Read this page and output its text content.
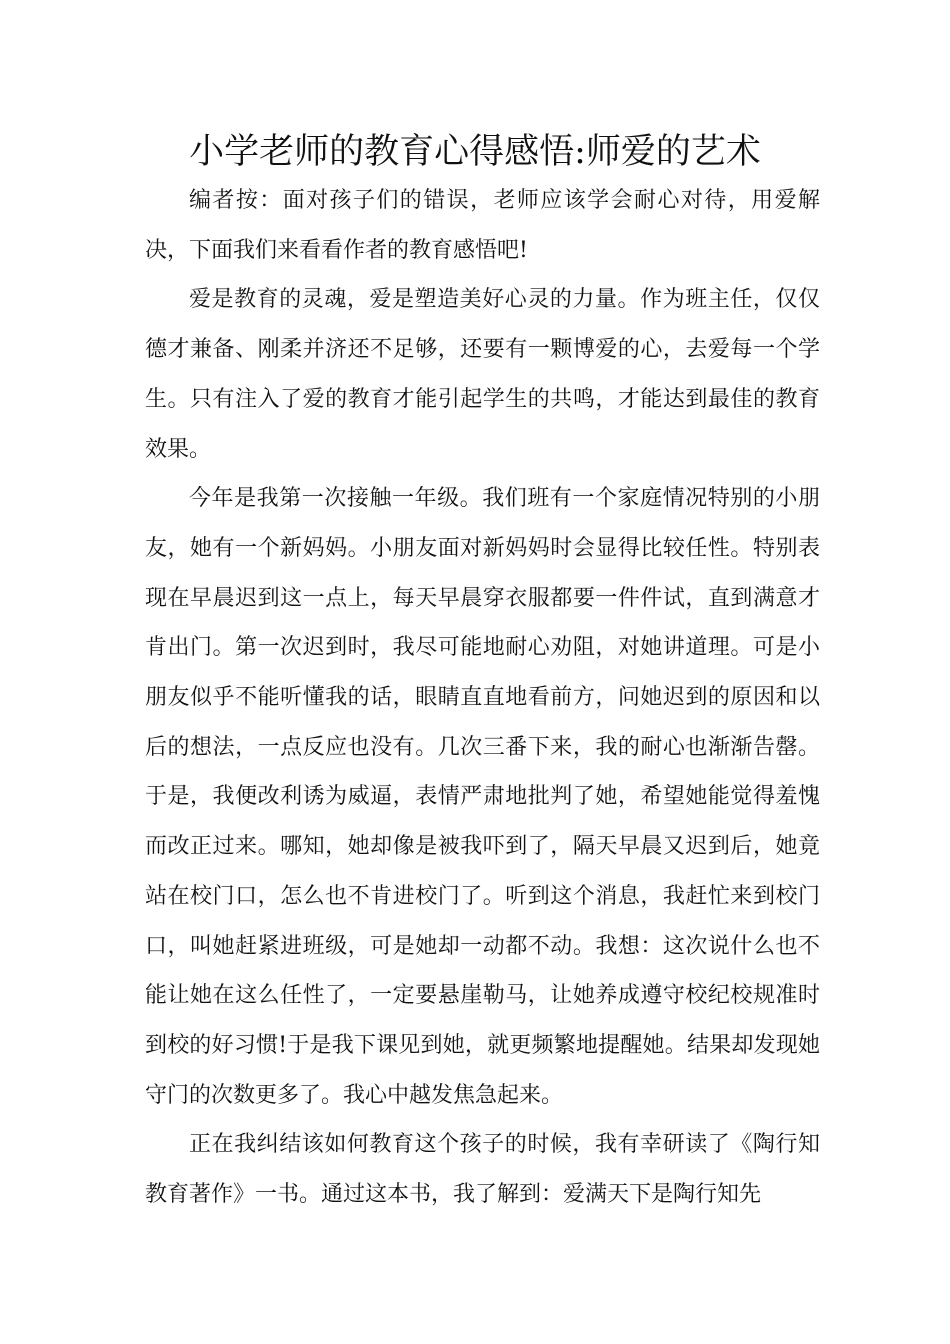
小学老师的教育心得感悟:师爱的艺术

编者按：面对孩子们的错误，老师应该学会耐心对待，用爱解决，下面我们来看看作者的教育感悟吧!

爱是教育的灵魂，爱是塑造美好心灵的力量。作为班主任，仅仅德才兼备、刚柔并济还不足够，还要有一颗博爱的心，去爱每一个学生。只有注入了爱的教育才能引起学生的共鸣，才能达到最佳的教育效果。

今年是我第一次接触一年级。我们班有一个家庭情况特别的小朋友，她有一个新妈妈。小朋友面对新妈妈时会显得比较任性。特别表现在早晨迟到这一点上，每天早晨穿衣服都要一件件试，直到满意才肯出门。第一次迟到时，我尽可能地耐心劝阻，对她讲道理。可是小朋友似乎不能听懂我的话，眼睛直直地看前方，问她迟到的原因和以后的想法，一点反应也没有。几次三番下来，我的耐心也渐渐告罄。于是，我便改利诱为威逼，表情严肃地批判了她，希望她能觉得羞愧而改正过来。哪知，她却像是被我吓到了，隔天早晨又迟到后，她竟站在校门口，怎么也不肯进校门了。听到这个消息，我赶忙来到校门口，叫她赶紧进班级，可是她却一动都不动。我想：这次说什么也不能让她在这么任性了，一定要悬崖勒马，让她养成遵守校纪校规准时到校的好习惯!于是我下课见到她，就更频繁地提醒她。结果却发现她守门的次数更多了。我心中越发焦急起来。

正在我纠结该如何教育这个孩子的时候，我有幸研读了《陶行知教育著作》一书。通过这本书，我了解到：爱满天下是陶行知先
